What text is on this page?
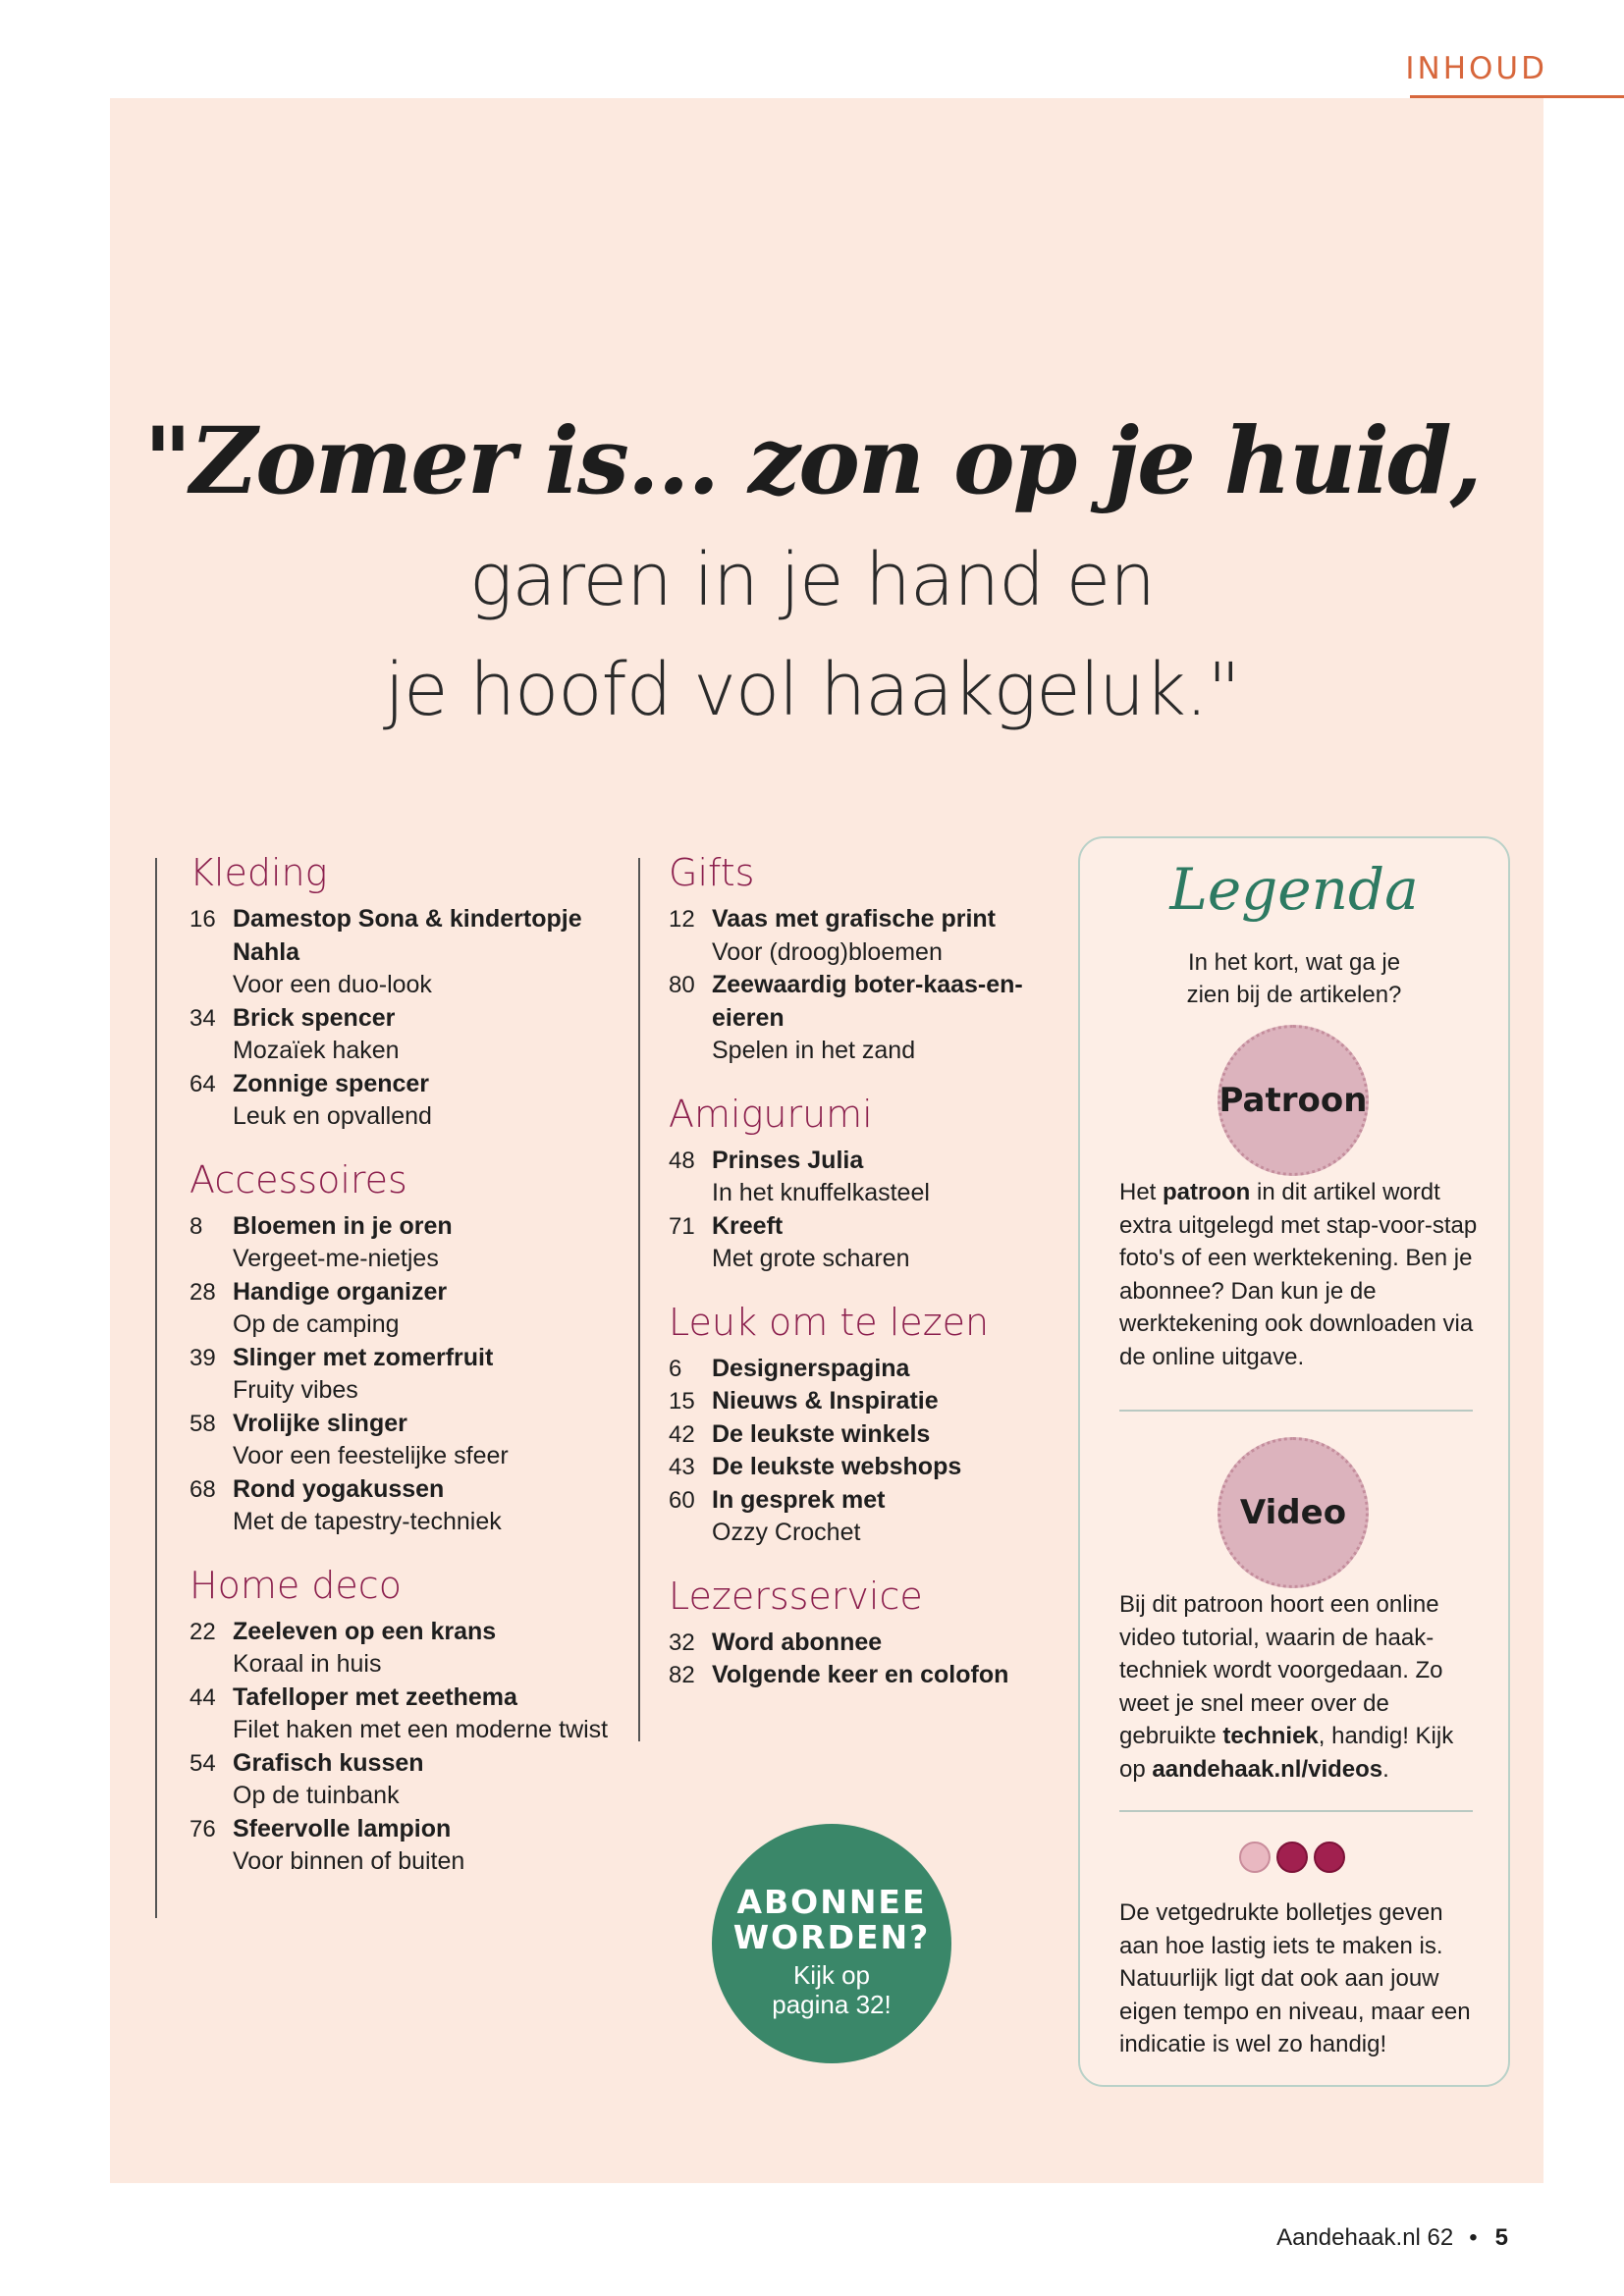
INHOUD
"Zomer is... zon op je huid,
garen in je hand en
je hoofd vol haakgeluk."
Kleding
16 Damestop Sona & kindertopje Nahla
Voor een duo-look
34 Brick spencer
Mozaïek haken
64 Zonnige spencer
Leuk en opvallend
Accessoires
8	Bloemen in je oren
Vergeet-me-nietjes
28 Handige organizer
Op de camping
39 Slinger met zomerfruit
Fruity vibes
58 Vrolijke slinger
Voor een feestelijke sfeer
68 Rond yogakussen
Met de tapestry-techniek
Home deco
22 Zeeleven op een krans
Koraal in huis
44 Tafelloper met zeethema
Filet haken met een moderne twist
54 Grafisch kussen
Op de tuinbank
76 Sfeervolle lampion
Voor binnen of buiten
Gifts
12 Vaas met grafische print
Voor (droog)bloemen
80 Zeewaardig boter-kaas-en-eieren
Spelen in het zand
Amigurumi
48 Prinses Julia
In het knuffelkasteel
71 Kreeft
Met grote scharen
Leuk om te lezen
6	Designerspagina
15 Nieuws & Inspiratie
42 De leukste winkels
43 De leukste webshops
60 In gesprek met
Ozzy Crochet
Lezersservice
32 Word abonnee
82 Volgende keer en colofon
Legenda
In het kort, wat ga je
zien bij de artikelen?
Patroon
Het patroon in dit artikel wordt extra uitgelegd met stap-voor-stap foto's of een werktekening. Ben je abonnee? Dan kun je de werktekening ook downloaden via de online uitgave.
Video
Bij dit patroon hoort een online video tutorial, waarin de haak-techniek wordt voorgedaan. Zo weet je snel meer over de gebruikte techniek, handig! Kijk op aandehaak.nl/videos.
De vetgedrukte bolletjes geven aan hoe lastig iets te maken is. Natuurlijk ligt dat ook aan jouw eigen tempo en niveau, maar een indicatie is wel zo handig!
ABONNEE
WORDEN?
Kijk op
pagina 32!
Aandehaak.nl 62 • 5
